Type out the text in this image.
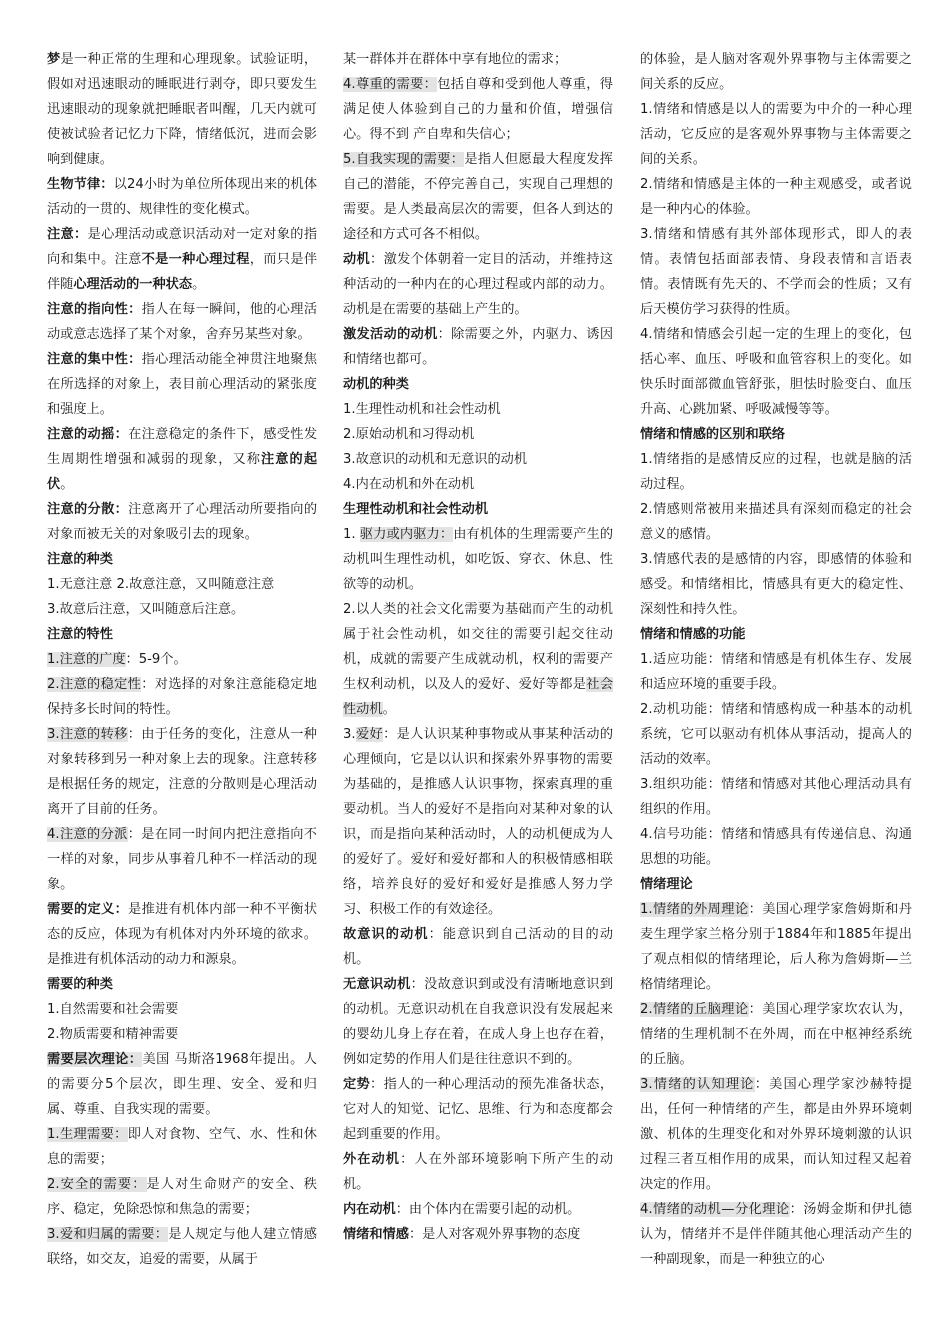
梦是一种正常的生理和心理现象。试验证明，假如对迅速眼动的睡眠进行剥夺，即只要发生迅速眼动的现象就把睡眠者叫醒，几天内就可使被试验者记忆力下降，情绪低沉，进而会影响到健康。

生物节律：以24小时为单位所体现出来的机体活动的一贯的、规律性的变化模式。

注意：是心理活动或意识活动对一定对象的指向和集中。注意不是一种心理过程，而只是伴伴随心理活动的一种状态。

注意的指向性：指人在每一瞬间，他的心理活动或意志选择了某个对象，舍弃另某些对象。

注意的集中性：指心理活动能全神贯注地聚焦在所选择的对象上，表目前心理活动的紧张度和强度上。

注意的动摇：在注意稳定的条件下，感受性发生周期性增强和减弱的现象，又称注意的起伏。

注意的分散：注意离开了心理活动所要指向的对象而被无关的对象吸引去的现象。

注意的种类

1.无意注意 2.故意注意，又叫随意注意

3.故意后注意，又叫随意后注意。

注意的特性

1.注意的广度：5-9个。

2.注意的稳定性：对选择的对象注意能稳定地保持多长时间的特性。

3.注意的转移：由于任务的变化，注意从一种对象转移到另一种对象上去的现象。注意转移是根据任务的规定，注意的分散则是心理活动离开了目前的任务。

4.注意的分派：是在同一时间内把注意指向不一样的对象，同步从事着几种不一样活动的现象。

需要的定义：是推进有机体内部一种不平衡状态的反应，体现为有机体对内外环境的欲求。是推进有机体活动的动力和源泉。

需要的种类

1.自然需要和社会需要

2.物质需要和精神需要

需要层次理论：美国 马斯洛1968年提出。人的需要分5个层次，即生理、安全、爱和归属、尊重、自我实现的需要。

1.生理需要：即人对食物、空气、水、性和休息的需要；

2.安全的需要：是人对生命财产的安全、秩序、稳定，免除恐惊和焦急的需要；

3.爱和归属的需要：是人规定与他人建立情感联络，如交友，追爱的需要，从属于

某一群体并在群体中享有地位的需求；

4.尊重的需要：包括自尊和受到他人尊重，得满足使人体验到自己的力量和价值，增强信心。得不到 产自卑和失信心；

5.自我实现的需要：是指人但愿最大程度发挥自己的潜能，不停完善自己，实现自己理想的需要。是人类最高层次的需要，但各人到达的途径和方式可各不相似。

动机：激发个体朝着一定目的活动，并维持这种活动的一种内在的心理过程或内部的动力。动机是在需要的基础上产生的。

激发活动的动机：除需要之外，内驱力、诱因和情绪也都可。

动机的种类

1.生理性动机和社会性动机

2.原始动机和习得动机

3.故意识的动机和无意识的动机

4.内在动机和外在动机

生理性动机和社会性动机

1. 驱力或内驱力：由有机体的生理需要产生的动机叫生理性动机，如吃饭、穿衣、休息、性欲等的动机。

2.以人类的社会文化需要为基础而产生的动机属于社会性动机，如交往的需要引起交往动机，成就的需要产生成就动机，权利的需要产生权利动机，以及人的爱好、爱好等都是社会性动机。

3.爱好：是人认识某种事物或从事某种活动的心理倾向，它是以认识和探索外界事物的需要为基础的，是推感人认识事物，探索真理的重要动机。当人的爱好不是指向对某种对象的认识，而是指向某种活动时，人的动机便成为人的爱好了。爱好和爱好都和人的积极情感相联络，培养良好的爱好和爱好是推感人努力学习、积极工作的有效途径。

故意识的动机：能意识到自己活动的目的动机。

无意识动机：没故意识到或没有清晰地意识到的动机。无意识动机在自我意识没有发展起来的婴幼儿身上存在着，在成人身上也存在着，例如定势的作用人们是往往意识不到的。

定势：指人的一种心理活动的预先准备状态，它对人的知觉、记忆、思维、行为和态度都会起到重要的作用。

外在动机：人在外部环境影响下所产生的动机。

内在动机：由个体内在需要引起的动机。

情绪和情感：是人对客观外界事物的态度

的体验，是人脑对客观外界事物与主体需要之间关系的反应。

1.情绪和情感是以人的需要为中介的一种心理活动，它反应的是客观外界事物与主体需要之间的关系。

2.情绪和情感是主体的一种主观感受，或者说是一种内心的体验。

3.情绪和情感有其外部体现形式，即人的表情。表情包括面部表情、身段表情和言语表情。表情既有先天的、不学而会的性质；又有后天模仿学习获得的性质。

4.情绪和情感会引起一定的生理上的变化，包括心率、血压、呼吸和血管容积上的变化。如快乐时面部微血管舒张，胆怯时脸变白、血压升高、心跳加紧、呼吸减慢等等。

情绪和情感的区别和联络

1.情绪指的是感情反应的过程，也就是脑的活动过程。

2.情感则常被用来描述具有深刻而稳定的社会意义的感情。

3.情感代表的是感情的内容，即感情的体验和感受。和情绪相比，情感具有更大的稳定性、深刻性和持久性。

情绪和情感的功能

1.适应功能：情绪和情感是有机体生存、发展和适应环境的重要手段。

2.动机功能：情绪和情感构成一种基本的动机系统，它可以驱动有机体从事活动，提高人的活动的效率。

3.组织功能：情绪和情感对其他心理活动具有组织的作用。

4.信号功能：情绪和情感具有传递信息、沟通思想的功能。

情绪理论

1.情绪的外周理论：美国心理学家詹姆斯和丹麦生理学家兰格分别于1884年和1885年提出了观点相似的情绪理论，后人称为詹姆斯—兰格情绪理论。

2.情绪的丘脑理论：美国心理学家坎农认为，情绪的生理机制不在外周，而在中枢神经系统的丘脑。

3.情绪的认知理论：美国心理学家沙赫特提出，任何一种情绪的产生，都是由外界环境刺激、机体的生理变化和对外界环境刺激的认识过程三者互相作用的成果，而认知过程又起着决定的作用。

4.情绪的动机—分化理论：汤姆金斯和伊扎德认为，情绪并不是伴伴随其他心理活动产生的一种副现象，而是一种独立的心
